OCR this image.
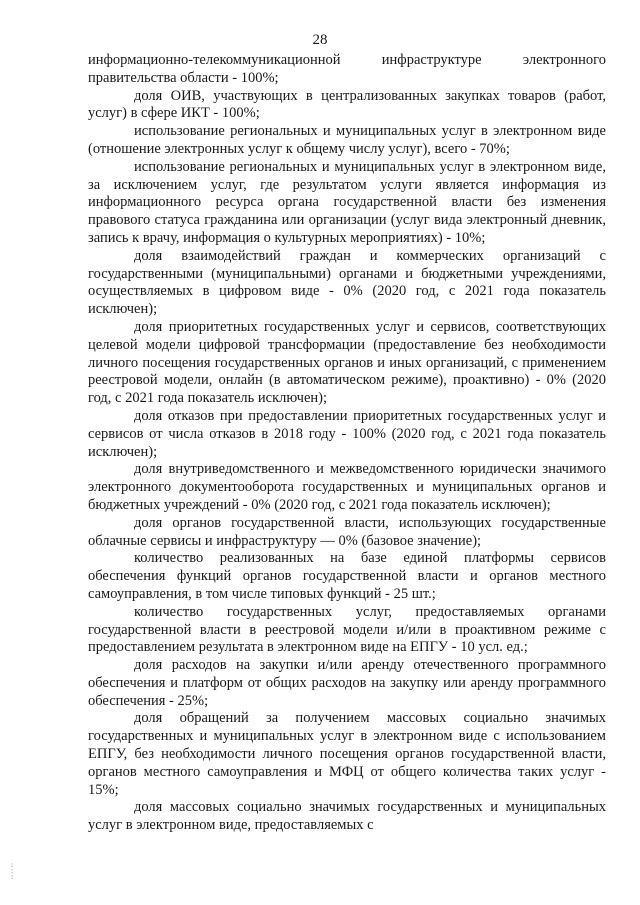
28

информационно-телекоммуникационной инфраструктуре электронного правительства области - 100%;

доля ОИВ, участвующих в централизованных закупках товаров (работ, услуг) в сфере ИКТ - 100%;

использование региональных и муниципальных услуг в электронном виде (отношение электронных услуг к общему числу услуг), всего - 70%;

использование региональных и муниципальных услуг в электронном виде, за исключением услуг, где результатом услуги является информация из информационного ресурса органа государственной власти без изменения правового статуса гражданина или организации (услуг вида электронный дневник, запись к врачу, информация о культурных мероприятиях) - 10%;

доля взаимодействий граждан и коммерческих организаций с государственными (муниципальными) органами и бюджетными учреждениями, осуществляемых в цифровом виде - 0% (2020 год, с 2021 года показатель исключен);

доля приоритетных государственных услуг и сервисов, соответствующих целевой модели цифровой трансформации (предоставление без необходимости личного посещения государственных органов и иных организаций, с применением реестровой модели, онлайн (в автоматическом режиме), проактивно) - 0% (2020 год, с 2021 года показатель исключен);

доля отказов при предоставлении приоритетных государственных услуг и сервисов от числа отказов в 2018 году - 100% (2020 год, с 2021 года показатель исключен);

доля внутриведомственного и межведомственного юридически значимого электронного документооборота государственных и муниципальных органов и бюджетных учреждений - 0% (2020 год, с 2021 года показатель исключен);

доля органов государственной власти, использующих государственные облачные сервисы и инфраструктуру — 0% (базовое значение);

количество реализованных на базе единой платформы сервисов обеспечения функций органов государственной власти и органов местного самоуправления, в том числе типовых функций - 25 шт.;

количество государственных услуг, предоставляемых органами государственной власти в реестровой модели и/или в проактивном режиме с предоставлением результата в электронном виде на ЕПГУ - 10 усл. ед.;

доля расходов на закупки и/или аренду отечественного программного обеспечения и платформ от общих расходов на закупку или аренду программного обеспечения - 25%;

доля обращений за получением массовых социально значимых государственных и муниципальных услуг в электронном виде с использованием ЕПГУ, без необходимости личного посещения органов государственной власти, органов местного самоуправления и МФЦ от общего количества таких услуг - 15%;

доля массовых социально значимых государственных и муниципальных услуг в электронном виде, предоставляемых с

:
:
:
